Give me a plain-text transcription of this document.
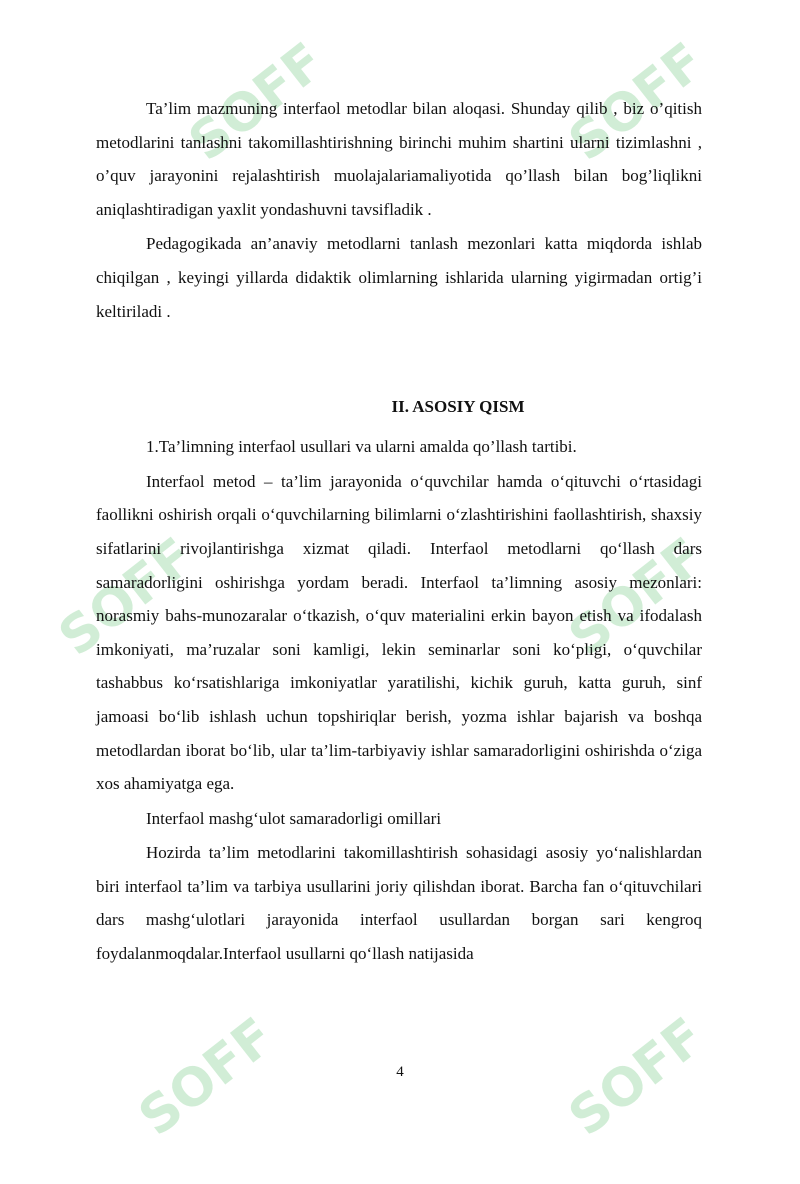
SOFF	SOFF
SOFF	SOFF
SOFF	SOFF

Ta’lim mazmuning interfaol metodlar bilan aloqasi. Shunday qilib , biz o’qitish metodlarini tanlashni takomillashtirishning birinchi muhim shartini ularni tizimlashni , o’quv jarayonini rejalashtirish muolajalariamaliyotida qo’llash bilan bog’liqlikni aniqlashtiradigan yaxlit yondashuvni tavsifladik .

Pedagogikada an’anaviy metodlarni tanlash mezonlari katta miqdorda ishlab chiqilgan , keyingi yillarda didaktik olimlarning ishlarida ularning yigirmadan ortig’i keltiriladi .

II. ASOSIY QISM

1.Ta’limning interfaol usullari va ularni amalda qo’llash tartibi.

Interfaol metod – ta’lim jarayonida o‘quvchilar hamda o‘qituvchi o‘rtasidagi faollikni oshirish orqali o‘quvchilarning bilimlarni o‘zlashtirishini faollashtirish, shaxsiy sifatlarini rivojlantirishga xizmat qiladi. Interfaol metodlarni qo‘llash dars samaradorligini oshirishga yordam beradi. Interfaol ta’limning asosiy mezonlari: norasmiy bahs-munozaralar o‘tkazish, o‘quv materialini erkin bayon etish va ifodalash imkoniyati, ma’ruzalar soni kamligi, lekin seminarlar soni ko‘pligi, o‘quvchilar tashabbus ko‘rsatishlariga imkoniyatlar yaratilishi, kichik guruh, katta guruh, sinf jamoasi bo‘lib ishlash uchun topshiriqlar berish, yozma ishlar bajarish va boshqa metodlardan iborat bo‘lib, ular ta’lim-tarbiyaviy ishlar samaradorligini oshirishda o‘ziga xos ahamiyatga ega.

Interfaol mashg‘ulot samaradorligi omillari

Hozirda ta’lim metodlarini takomillashtirish sohasidagi asosiy yo‘nalishlardan biri interfaol ta’lim va tarbiya usullarini joriy qilishdan iborat. Barcha fan o‘qituvchilari dars mashg‘ulotlari jarayonida interfaol usullardan borgan sari kengroq foydalanmoqdalar.Interfaol usullarni qo‘llash natijasida

4
